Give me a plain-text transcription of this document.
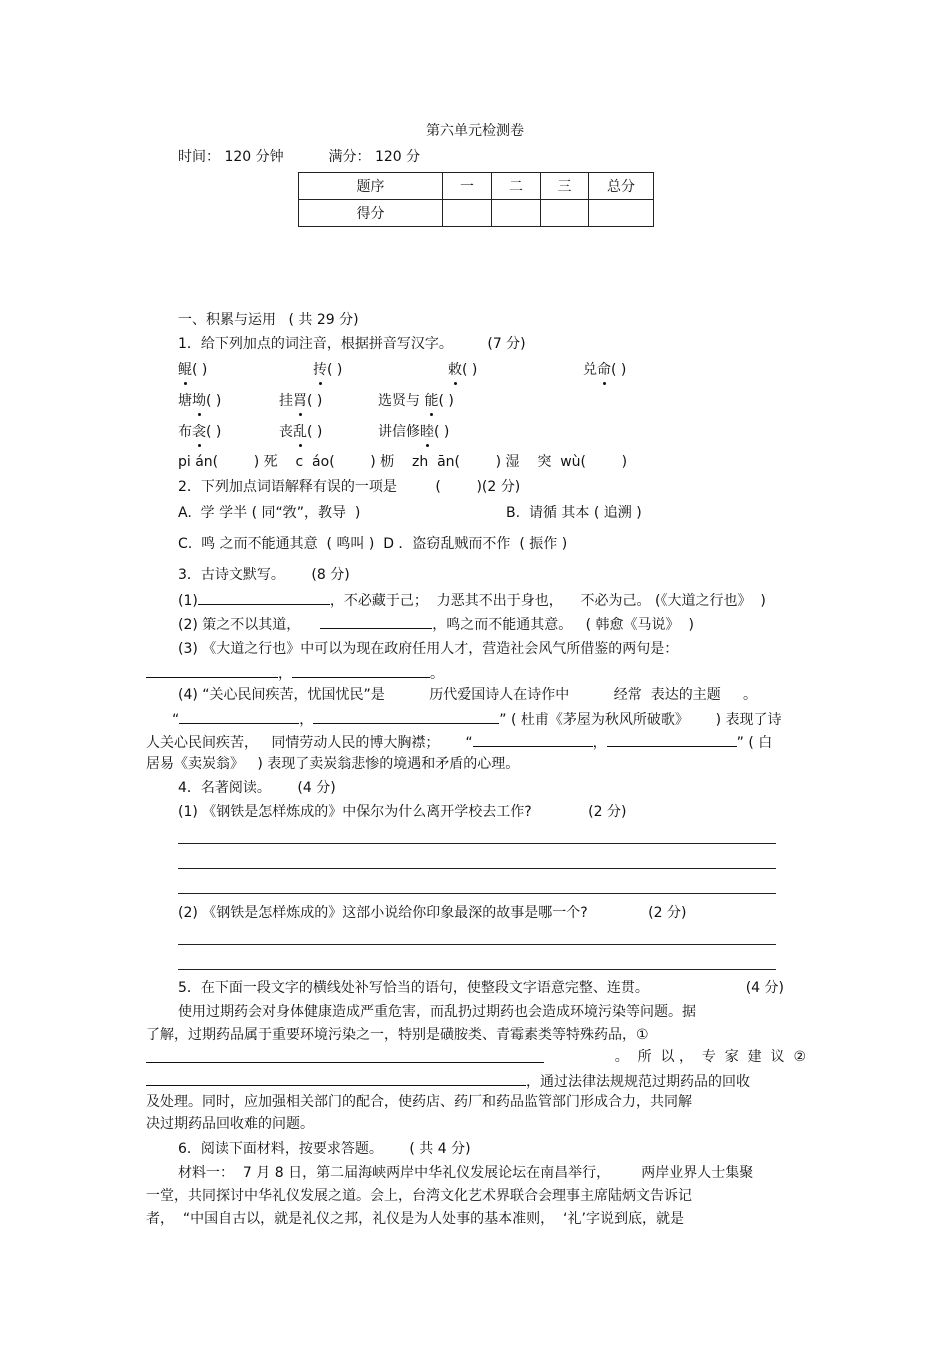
第六单元检测卷
时间： 120 分钟	满分： 120 分
题序	一	二	三	总分
得分				
一、积累与运用 ( 共 29 分)
1．给下列加点的词注音，根据拼音写汉字。 (7 分)
鲲( )	抟( )	敕( )	兑命( )
塘坳( )	挂罥( )	选贤与 能( )
布衾( )	丧乱( )	讲信修睦( )
pi án(        ) 死    c  áo(        ) 枥    zh  ān(        ) 湿    突  wù(        )
2．下列加点词语解释有误的一项是	(        )(2 分)
A.  学 学半 ( 同“敩”，教导  )	B.  请循 其本 ( 追溯 )
C.  鸣 之而不能通其意  ( 鸣叫 )  D ．盗窃乱贼而不作  ( 振作 )
3．古诗文默写。 (8 分)
(1)	，不必藏于己；  力恶其不出于身也，    不必为己。 (《大道之行也》  )
(2) 策之不以其道，	，鸣之而不能通其意。   ( 韩愈《马说》  )
(3) 《大道之行也》中可以为现在政府任用人才，营造社会风气所借鉴的两句是：
，	。
(4) “关心民间疾苦，忧国忧民”是          历代爱国诗人在诗作中          经常  表达的主题     。
“	，	” ( 杜甫《茅屋为秋风所破歌》      ) 表现了诗
人关心民间疾苦，   同情劳动人民的博大胸襟； “	，	” ( 白
居易《卖炭翁》   ) 表现了卖炭翁悲惨的境遇和矛盾的心理。
4．名著阅读。 (4 分)
(1) 《钢铁是怎样炼成的》中保尔为什么离开学校去工作?	(2 分)
(2) 《钢铁是怎样炼成的》这部小说给你印象最深的故事是哪一个?	(2 分)
5．在下面一段文字的横线处补写恰当的语句，使整段文字语意完整、连贯。	(4 分)
使用过期药会对身体健康造成严重危害，而乱扔过期药也会造成环境污染等问题。据
了解，过期药品属于重要环境污染之一，特别是磺胺类、青霉素类等特殊药品，①
。  所  以 ，  专  家  建  议  ②
，通过法律法规规范过期药品的回收
及处理。同时，应加强相关部门的配合，使药店、药厂和药品监管部门形成合力，共同解
决过期药品回收难的问题。
6．阅读下面材料，按要求答题。 ( 共 4 分)
材料一：  7 月 8 日，第二届海峡两岸中华礼仪发展论坛在南昌举行，       两岸业界人士集聚
一堂，共同探讨中华礼仪发展之道。会上，台湾文化艺术界联合会理事主席陆炳文告诉记
者，  “中国自古以，就是礼仪之邦，礼仪是为人处事的基本准则，  ‘礼’字说到底，就是
